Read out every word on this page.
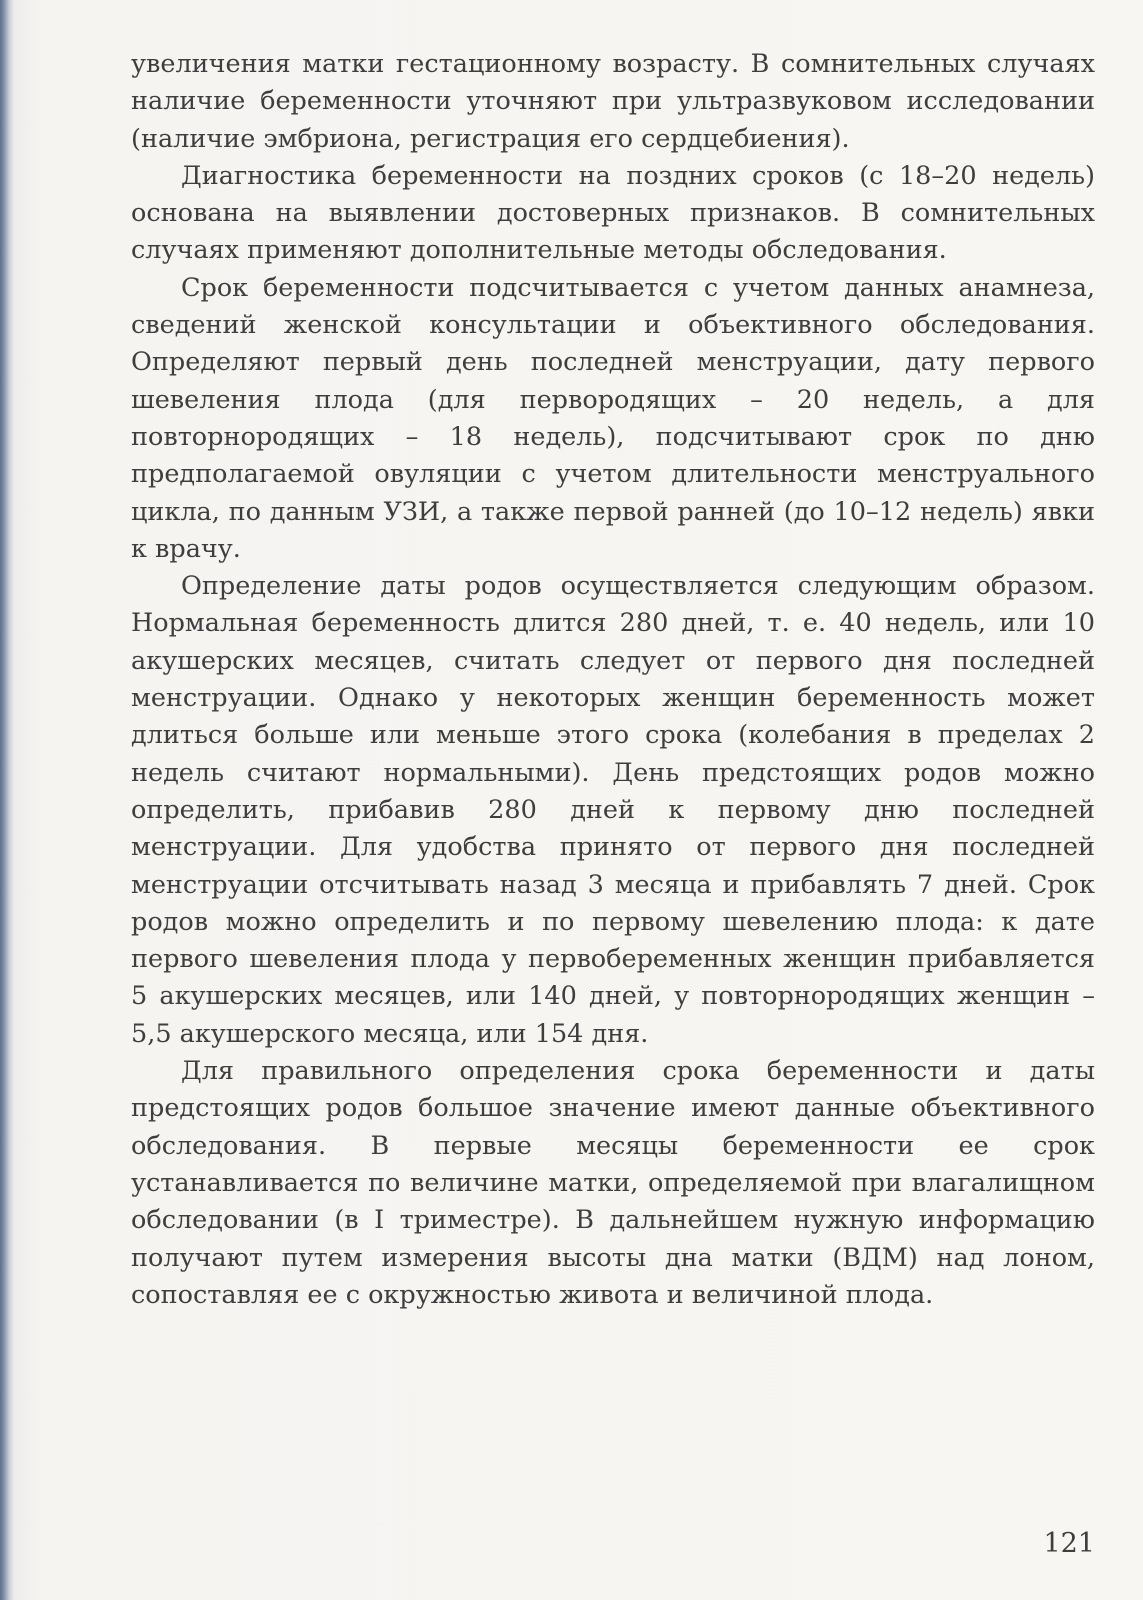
увеличения матки гестационному возрасту. В сомнительных случаях наличие беременности уточняют при ультразвуковом исследовании (наличие эмбриона, регистрация его сердцебиения).

Диагностика беременности на поздних сроков (с 18–20 недель) основана на выявлении достоверных признаков. В сомнительных случаях применяют дополнительные методы обследования.

Срок беременности подсчитывается с учетом данных анамнеза, сведений женской консультации и объективного обследования. Определяют первый день последней менструации, дату первого шевеления плода (для первородящих – 20 недель, а для повторнородящих – 18 недель), подсчитывают срок по дню предполагаемой овуляции с учетом длительности менструального цикла, по данным УЗИ, а также первой ранней (до 10–12 недель) явки к врачу.

Определение даты родов осуществляется следующим образом. Нормальная беременность длится 280 дней, т. е. 40 недель, или 10 акушерских месяцев, считать следует от первого дня последней менструации. Однако у некоторых женщин беременность может длиться больше или меньше этого срока (колебания в пределах 2 недель считают нормальными). День предстоящих родов можно определить, прибавив 280 дней к первому дню последней менструации. Для удобства принято от первого дня последней менструации отсчитывать назад 3 месяца и прибавлять 7 дней. Срок родов можно определить и по первому шевелению плода: к дате первого шевеления плода у первобеременных женщин прибавляется 5 акушерских месяцев, или 140 дней, у повторнородящих женщин – 5,5 акушерского месяца, или 154 дня.

Для правильного определения срока беременности и даты предстоящих родов большое значение имеют данные объективного обследования. В первые месяцы беременности ее срок устанавливается по величине матки, определяемой при влагалищном обследовании (в I триместре). В дальнейшем нужную информацию получают путем измерения высоты дна матки (ВДМ) над лоном, сопоставляя ее с окружностью живота и величиной плода.

121
